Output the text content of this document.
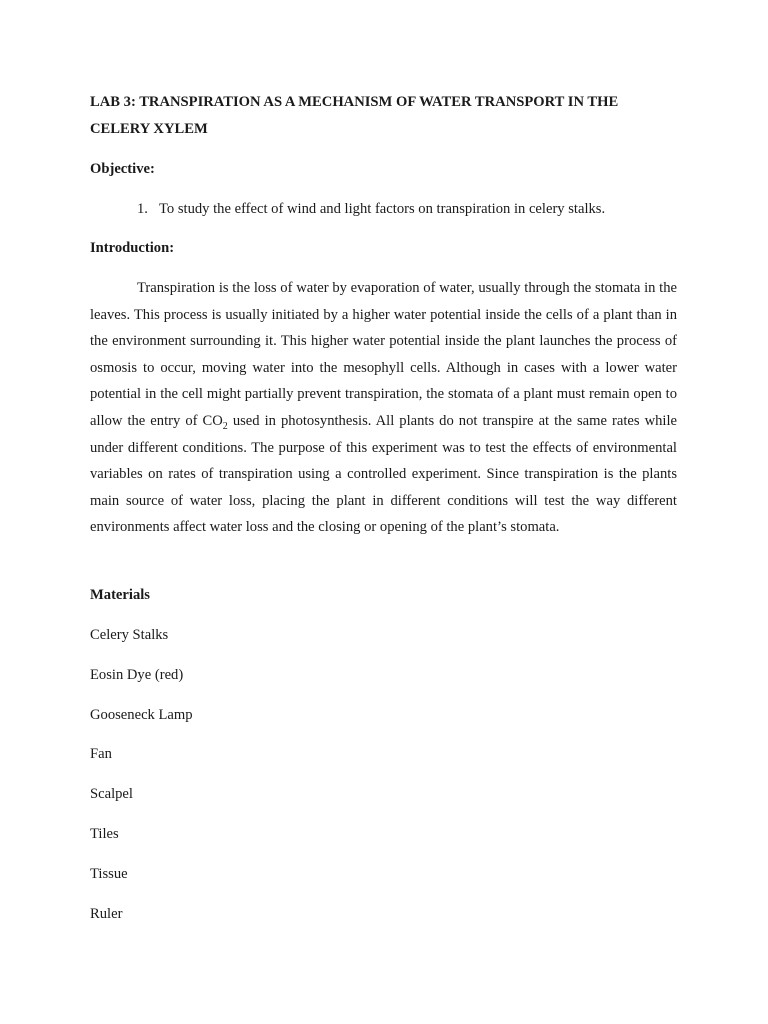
LAB 3: TRANSPIRATION AS A MECHANISM OF WATER TRANSPORT IN THE CELERY XYLEM
Objective:
1. To study the effect of wind and light factors on transpiration in celery stalks.
Introduction:
Transpiration is the loss of water by evaporation of water, usually through the stomata in the leaves. This process is usually initiated by a higher water potential inside the cells of a plant than in the environment surrounding it. This higher water potential inside the plant launches the process of osmosis to occur, moving water into the mesophyll cells. Although in cases with a lower water potential in the cell might partially prevent transpiration, the stomata of a plant must remain open to allow the entry of $CO_2$ used in photosynthesis. All plants do not transpire at the same rates while under different conditions. The purpose of this experiment was to test the effects of environmental variables on rates of transpiration using a controlled experiment. Since transpiration is the plants main source of water loss, placing the plant in different conditions will test the way different environments affect water loss and the closing or opening of the plant’s stomata.
Materials
Celery Stalks
Eosin Dye (red)
Gooseneck Lamp
Fan
Scalpel
Tiles
Tissue
Ruler
